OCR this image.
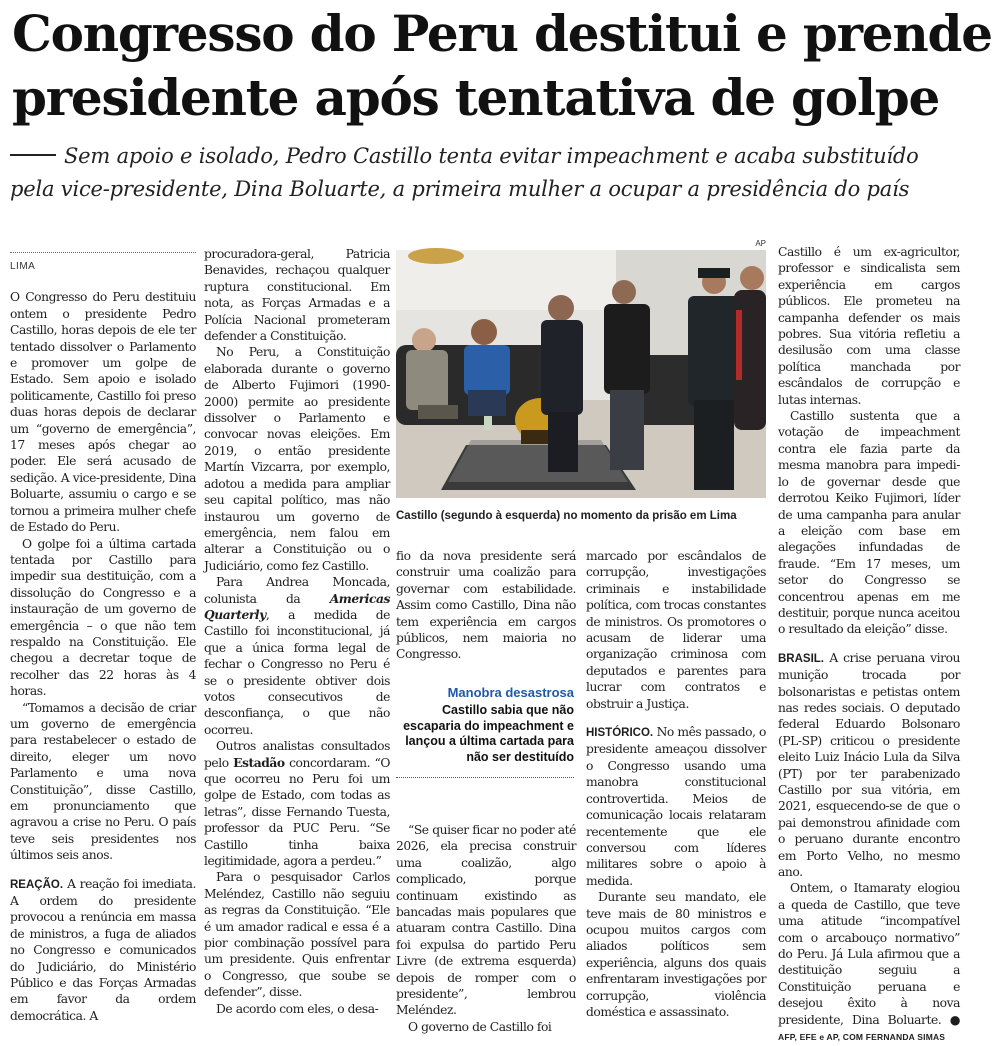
Congresso do Peru destitui e prende
presidente após tentativa de golpe
Sem apoio e isolado, Pedro Castillo tenta evitar impeachment e acaba substituído
pela vice-presidente, Dina Boluarte, a primeira mulher a ocupar a presidência do país
LIMA

O Congresso do Peru destituiu ontem o presidente Pedro Castillo, horas depois de ele ter tentado dissolver o Parlamento e promover um golpe de Estado. Sem apoio e isolado politicamente, Castillo foi preso duas horas depois de declarar um “governo de emergência”, 17 meses após chegar ao poder. Ele será acusado de sedição. A vice-presidente, Dina Boluarte, assumiu o cargo e se tornou a primeira mulher chefe de Estado do Peru.

O golpe foi a última cartada tentada por Castillo para impedir sua destituição, com a dissolução do Congresso e a instauração de um governo de emergência – o que não tem respaldo na Constituição. Ele chegou a decretar toque de recolher das 22 horas às 4 horas.

“Tomamos a decisão de criar um governo de emergência para restabelecer o estado de direito, eleger um novo Parlamento e uma nova Constituição”, disse Castillo, em pronunciamento que agravou a crise no Peru. O país teve seis presidentes nos últimos seis anos.

REAÇÃO. A reação foi imediata. A ordem do presidente provocou a renúncia em massa de ministros, a fuga de aliados no Congresso e comunicados do Judiciário, do Ministério Público e das Forças Armadas em favor da ordem democrática. A

procuradora-geral, Patricia Benavides, rechaçou qualquer ruptura constitucional. Em nota, as Forças Armadas e a Polícia Nacional prometeram defender a Constituição.

No Peru, a Constituição elaborada durante o governo de Alberto Fujimori (1990-2000) permite ao presidente dissolver o Parlamento e convocar novas eleições. Em 2019, o então presidente Martín Vizcarra, por exemplo, adotou a medida para ampliar seu capital político, mas não instaurou um governo de emergência, nem falou em alterar a Constituição ou o Judiciário, como fez Castillo.

Para Andrea Moncada, colunista da Americas Quarterly, a medida de Castillo foi inconstitucional, já que a única forma legal de fechar o Congresso no Peru é se o presidente obtiver dois votos consecutivos de desconfiança, o que não ocorreu.

Outros analistas consultados pelo Estadão concordaram. “O que ocorreu no Peru foi um golpe de Estado, com todas as letras”, disse Fernando Tuesta, professor da PUC Peru. “Se Castillo tinha baixa legitimidade, agora a perdeu.”

Para o pesquisador Carlos Meléndez, Castillo não seguiu as regras da Constituição. “Ele é um amador radical e essa é a pior combinação possível para um presidente. Quis enfrentar o Congresso, que soube se defender”, disse.

De acordo com eles, o desa-

AP
Castillo (segundo à esquerda) no momento da prisão em Lima

fio da nova presidente será construir uma coalizão para governar com estabilidade. Assim como Castillo, Dina não tem experiência em cargos públicos, nem maioria no Congresso.

Manobra desastrosa
Castillo sabia que não escaparia do impeachment e lançou a última cartada para não ser destituído

“Se quiser ficar no poder até 2026, ela precisa construir uma coalizão, algo complicado, porque continuam existindo as bancadas mais populares que atuaram contra Castillo. Dina foi expulsa do partido Peru Livre (de extrema esquerda) depois de romper com o presidente”, lembrou Meléndez.

O governo de Castillo foi

marcado por escândalos de corrupção, investigações criminais e instabilidade política, com trocas constantes de ministros. Os promotores o acusam de liderar uma organização criminosa com deputados e parentes para lucrar com contratos e obstruir a Justiça.

HISTÓRICO. No mês passado, o presidente ameaçou dissolver o Congresso usando uma manobra constitucional controvertida. Meios de comunicação locais relataram recentemente que ele conversou com líderes militares sobre o apoio à medida.

Durante seu mandato, ele teve mais de 80 ministros e ocupou muitos cargos com aliados políticos sem experiência, alguns dos quais enfrentaram investigações por corrupção, violência doméstica e assassinato.

Castillo é um ex-agricultor, professor e sindicalista sem experiência em cargos públicos. Ele prometeu na campanha defender os mais pobres. Sua vitória refletiu a desilusão com uma classe política manchada por escândalos de corrupção e lutas internas.

Castillo sustenta que a votação de impeachment contra ele fazia parte da mesma manobra para impedi-lo de governar desde que derrotou Keiko Fujimori, líder de uma campanha para anular a eleição com base em alegações infundadas de fraude. “Em 17 meses, um setor do Congresso se concentrou apenas em me destituir, porque nunca aceitou o resultado da eleição” disse.

BRASIL. A crise peruana virou munição trocada por bolsonaristas e petistas ontem nas redes sociais. O deputado federal Eduardo Bolsonaro (PL-SP) criticou o presidente eleito Luiz Inácio Lula da Silva (PT) por ter parabenizado Castillo por sua vitória, em 2021, esquecendo-se de que o pai demonstrou afinidade com o peruano durante encontro em Porto Velho, no mesmo ano.

Ontem, o Itamaraty elogiou a queda de Castillo, que teve uma atitude “incompatível com o arcabouço normativo” do Peru. Já Lula afirmou que a destituição seguiu a Constituição peruana e desejou êxito à nova presidente, Dina Boluarte. ● AFP, EFE e AP, COM FERNANDA SIMAS
